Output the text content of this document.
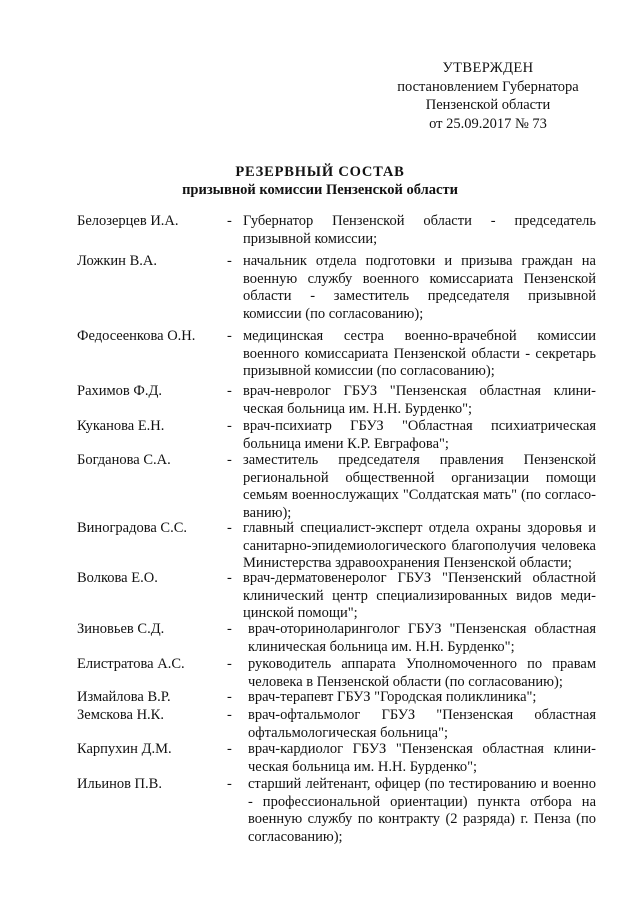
УТВЕРЖДЕН
постановлением Губернатора
Пензенской области
от 25.09.2017 № 73
РЕЗЕРВНЫЙ СОСТАВ
призывной комиссии Пензенской области
Белозерцев И.А.	- Губернатор Пензенской области - председатель призывной комиссии;
Ложкин В.А.	- начальник отдела подготовки и призыва граждан на военную службу военного комиссариата Пензенской области - заместитель председателя призывной комиссии (по согласованию);
Федосеенкова О.Н. - медицинская сестра военно-врачебной комиссии военного комиссариата Пензенской области - секретарь призывной комиссии (по согласованию);
Рахимов Ф.Д.	- врач-невролог ГБУЗ "Пензенская областная клини-ческая больница им. Н.Н. Бурденко";
Куканова Е.Н.	- врач-психиатр ГБУЗ "Областная психиатрическая больница имени К.Р. Евграфова";
Богданова С.А.	- заместитель председателя правления Пензенской региональной общественной организации помощи семьям военнослужащих "Солдатская мать" (по согласо-ванию);
Виноградова С.С.	- главный специалист-эксперт отдела охраны здоровья и санитарно-эпидемиологического благополучия человека Министерства здравоохранения Пензенской области;
Волкова Е.О.	- врач-дерматовенеролог ГБУЗ "Пензенский областной клинический центр специализированных видов меди-цинской помощи";
Зиновьев С.Д.	- врач-оториноларинголог ГБУЗ "Пензенская областная клиническая больница им. Н.Н. Бурденко";
Елистратова А.С.	- руководитель аппарата Уполномоченного по правам человека в Пензенской области (по согласованию);
Измайлова В.Р.	- врач-терапевт ГБУЗ "Городская поликлиника";
Земскова Н.К.	- врач-офтальмолог ГБУЗ "Пензенская областная офтальмологическая больница";
Карпухин Д.М.	- врач-кардиолог ГБУЗ "Пензенская областная клини-ческая больница им. Н.Н. Бурденко";
Ильинов П.В.	- старший лейтенант, офицер (по тестированию и военно - профессиональной ориентации) пункта отбора на военную службу по контракту (2 разряда) г. Пенза (по согласованию);
